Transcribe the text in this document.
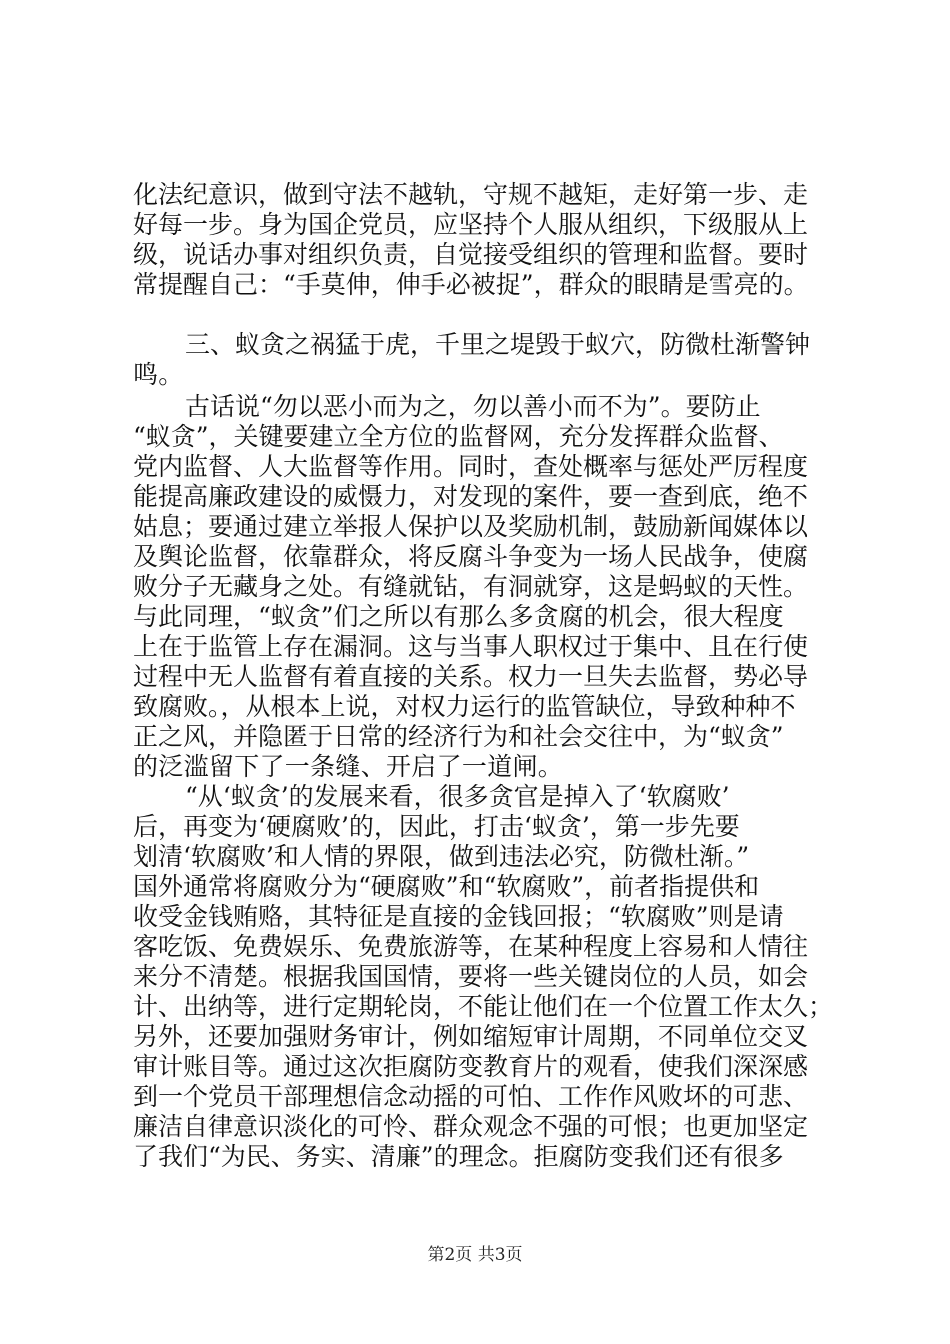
化法纪意识，做到守法不越轨，守规不越矩，走好第一步、走
好每一步。身为国企党员，应坚持个人服从组织，下级服从上
级，说话办事对组织负责，自觉接受组织的管理和监督。要时
常提醒自己：“手莫伸，伸手必被捉”，群众的眼睛是雪亮的。
三、蚁贪之祸猛于虎，千里之堤毁于蚁穴，防微杜渐警钟
鸣。
古话说“勿以恶小而为之，勿以善小而不为”。要防止
“蚁贪”，关键要建立全方位的监督网，充分发挥群众监督、
党内监督、人大监督等作用。同时，查处概率与惩处严厉程度
能提高廉政建设的威慑力，对发现的案件，要一查到底，绝不
姑息；要通过建立举报人保护以及奖励机制，鼓励新闻媒体以
及舆论监督，依靠群众，将反腐斗争变为一场人民战争，使腐
败分子无藏身之处。有缝就钻，有洞就穿，这是蚂蚁的天性。
与此同理，“蚁贪”们之所以有那么多贪腐的机会，很大程度
上在于监管上存在漏洞。这与当事人职权过于集中、且在行使
过程中无人监督有着直接的关系。权力一旦失去监督，势必导
致腐败。，从根本上说，对权力运行的监管缺位，导致种种不
正之风，并隐匿于日常的经济行为和社会交往中，为“蚁贪”
的泛滥留下了一条缝、开启了一道闸。
“从‘蚁贪’的发展来看，很多贪官是掉入了‘软腐败’
后，再变为‘硬腐败’的，因此，打击‘蚁贪’，第一步先要
划清‘软腐败’和人情的界限，做到违法必究，防微杜渐。”
国外通常将腐败分为“硬腐败”和“软腐败”，前者指提供和
收受金钱贿赂，其特征是直接的金钱回报；“软腐败”则是请
客吃饭、免费娱乐、免费旅游等，在某种程度上容易和人情往
来分不清楚。根据我国国情，要将一些关键岗位的人员，如会
计、出纳等，进行定期轮岗，不能让他们在一个位置工作太久；
另外，还要加强财务审计，例如缩短审计周期，不同单位交叉
审计账目等。通过这次拒腐防变教育片的观看，使我们深深感
到一个党员干部理想信念动摇的可怕、工作作风败坏的可悲、
廉洁自律意识淡化的可怜、群众观念不强的可恨；也更加坚定
了我们“为民、务实、清廉”的理念。拒腐防变我们还有很多
第2页 共3页
